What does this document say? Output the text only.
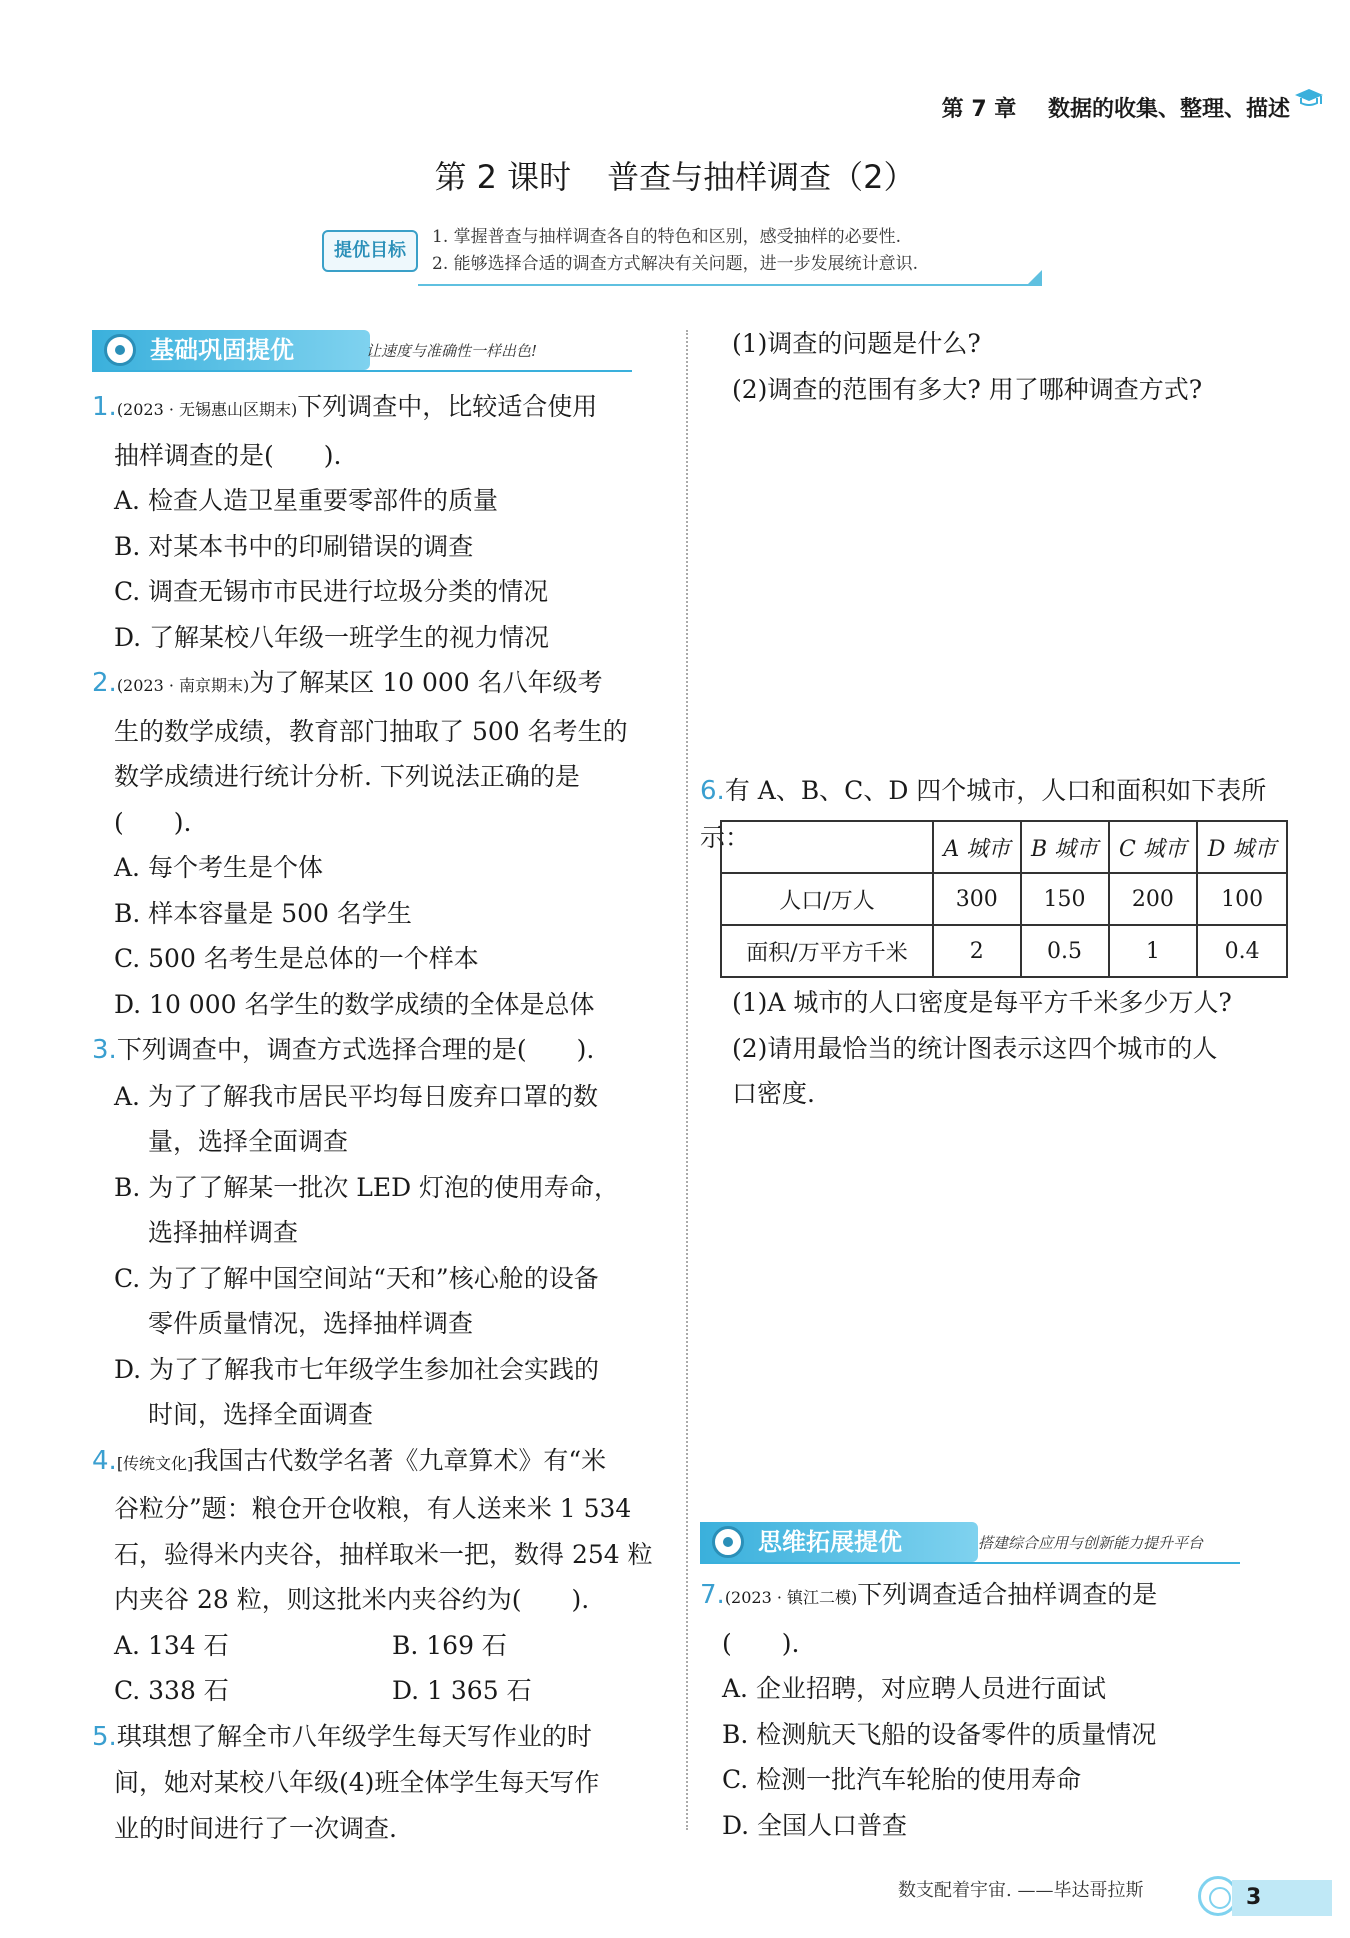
第 7 章 数据的收集、整理、描述
第 2 课时 普查与抽样调查（2）
提优目标
1. 掌握普查与抽样调查各自的特色和区别，感受抽样的必要性.
2. 能够选择合适的调查方式解决有关问题，进一步发展统计意识.
基础巩固提优	让速度与准确性一样出色!
1.(2023 · 无锡惠山区期末)下列调查中，比较适合使用
抽样调查的是(　　).
A. 检查人造卫星重要零部件的质量
B. 对某本书中的印刷错误的调查
C. 调查无锡市市民进行垃圾分类的情况
D. 了解某校八年级一班学生的视力情况
2.(2023 · 南京期末)为了解某区 10 000 名八年级考
生的数学成绩，教育部门抽取了 500 名考生的
数学成绩进行统计分析. 下列说法正确的是
(　　).
A. 每个考生是个体
B. 样本容量是 500 名学生
C. 500 名考生是总体的一个样本
D. 10 000 名学生的数学成绩的全体是总体
3.下列调查中，调查方式选择合理的是(　　).
A. 为了了解我市居民平均每日废弃口罩的数
量，选择全面调查
B. 为了了解某一批次 LED 灯泡的使用寿命，
选择抽样调查
C. 为了了解中国空间站“天和”核心舱的设备
零件质量情况，选择抽样调查
D. 为了了解我市七年级学生参加社会实践的
时间，选择全面调查
4.[传统文化]我国古代数学名著《九章算术》有“米
谷粒分”题：粮仓开仓收粮，有人送来米 1 534
石，验得米内夹谷，抽样取米一把，数得 254 粒
内夹谷 28 粒，则这批米内夹谷约为(　　).
A. 134 石	B. 169 石
C. 338 石	D. 1 365 石
5.琪琪想了解全市八年级学生每天写作业的时
间，她对某校八年级(4)班全体学生每天写作
业的时间进行了一次调查.
(1)调查的问题是什么?
(2)调查的范围有多大? 用了哪种调查方式?
6.有 A、B、C、D 四个城市，人口和面积如下表所示：
		A 城市	B 城市	C 城市	D 城市
人口/万人	300	150	200	100
面积/万平方千米	2	0.5	1	0.4
(1)A 城市的人口密度是每平方千米多少万人?
(2)请用最恰当的统计图表示这四个城市的人
口密度.
思维拓展提优	搭建综合应用与创新能力提升平台
7.(2023 · 镇江二模)下列调查适合抽样调查的是
(　　).
A. 企业招聘，对应聘人员进行面试
B. 检测航天飞船的设备零件的质量情况
C. 检测一批汽车轮胎的使用寿命
D. 全国人口普查
数支配着宇宙. ——毕达哥拉斯	3
